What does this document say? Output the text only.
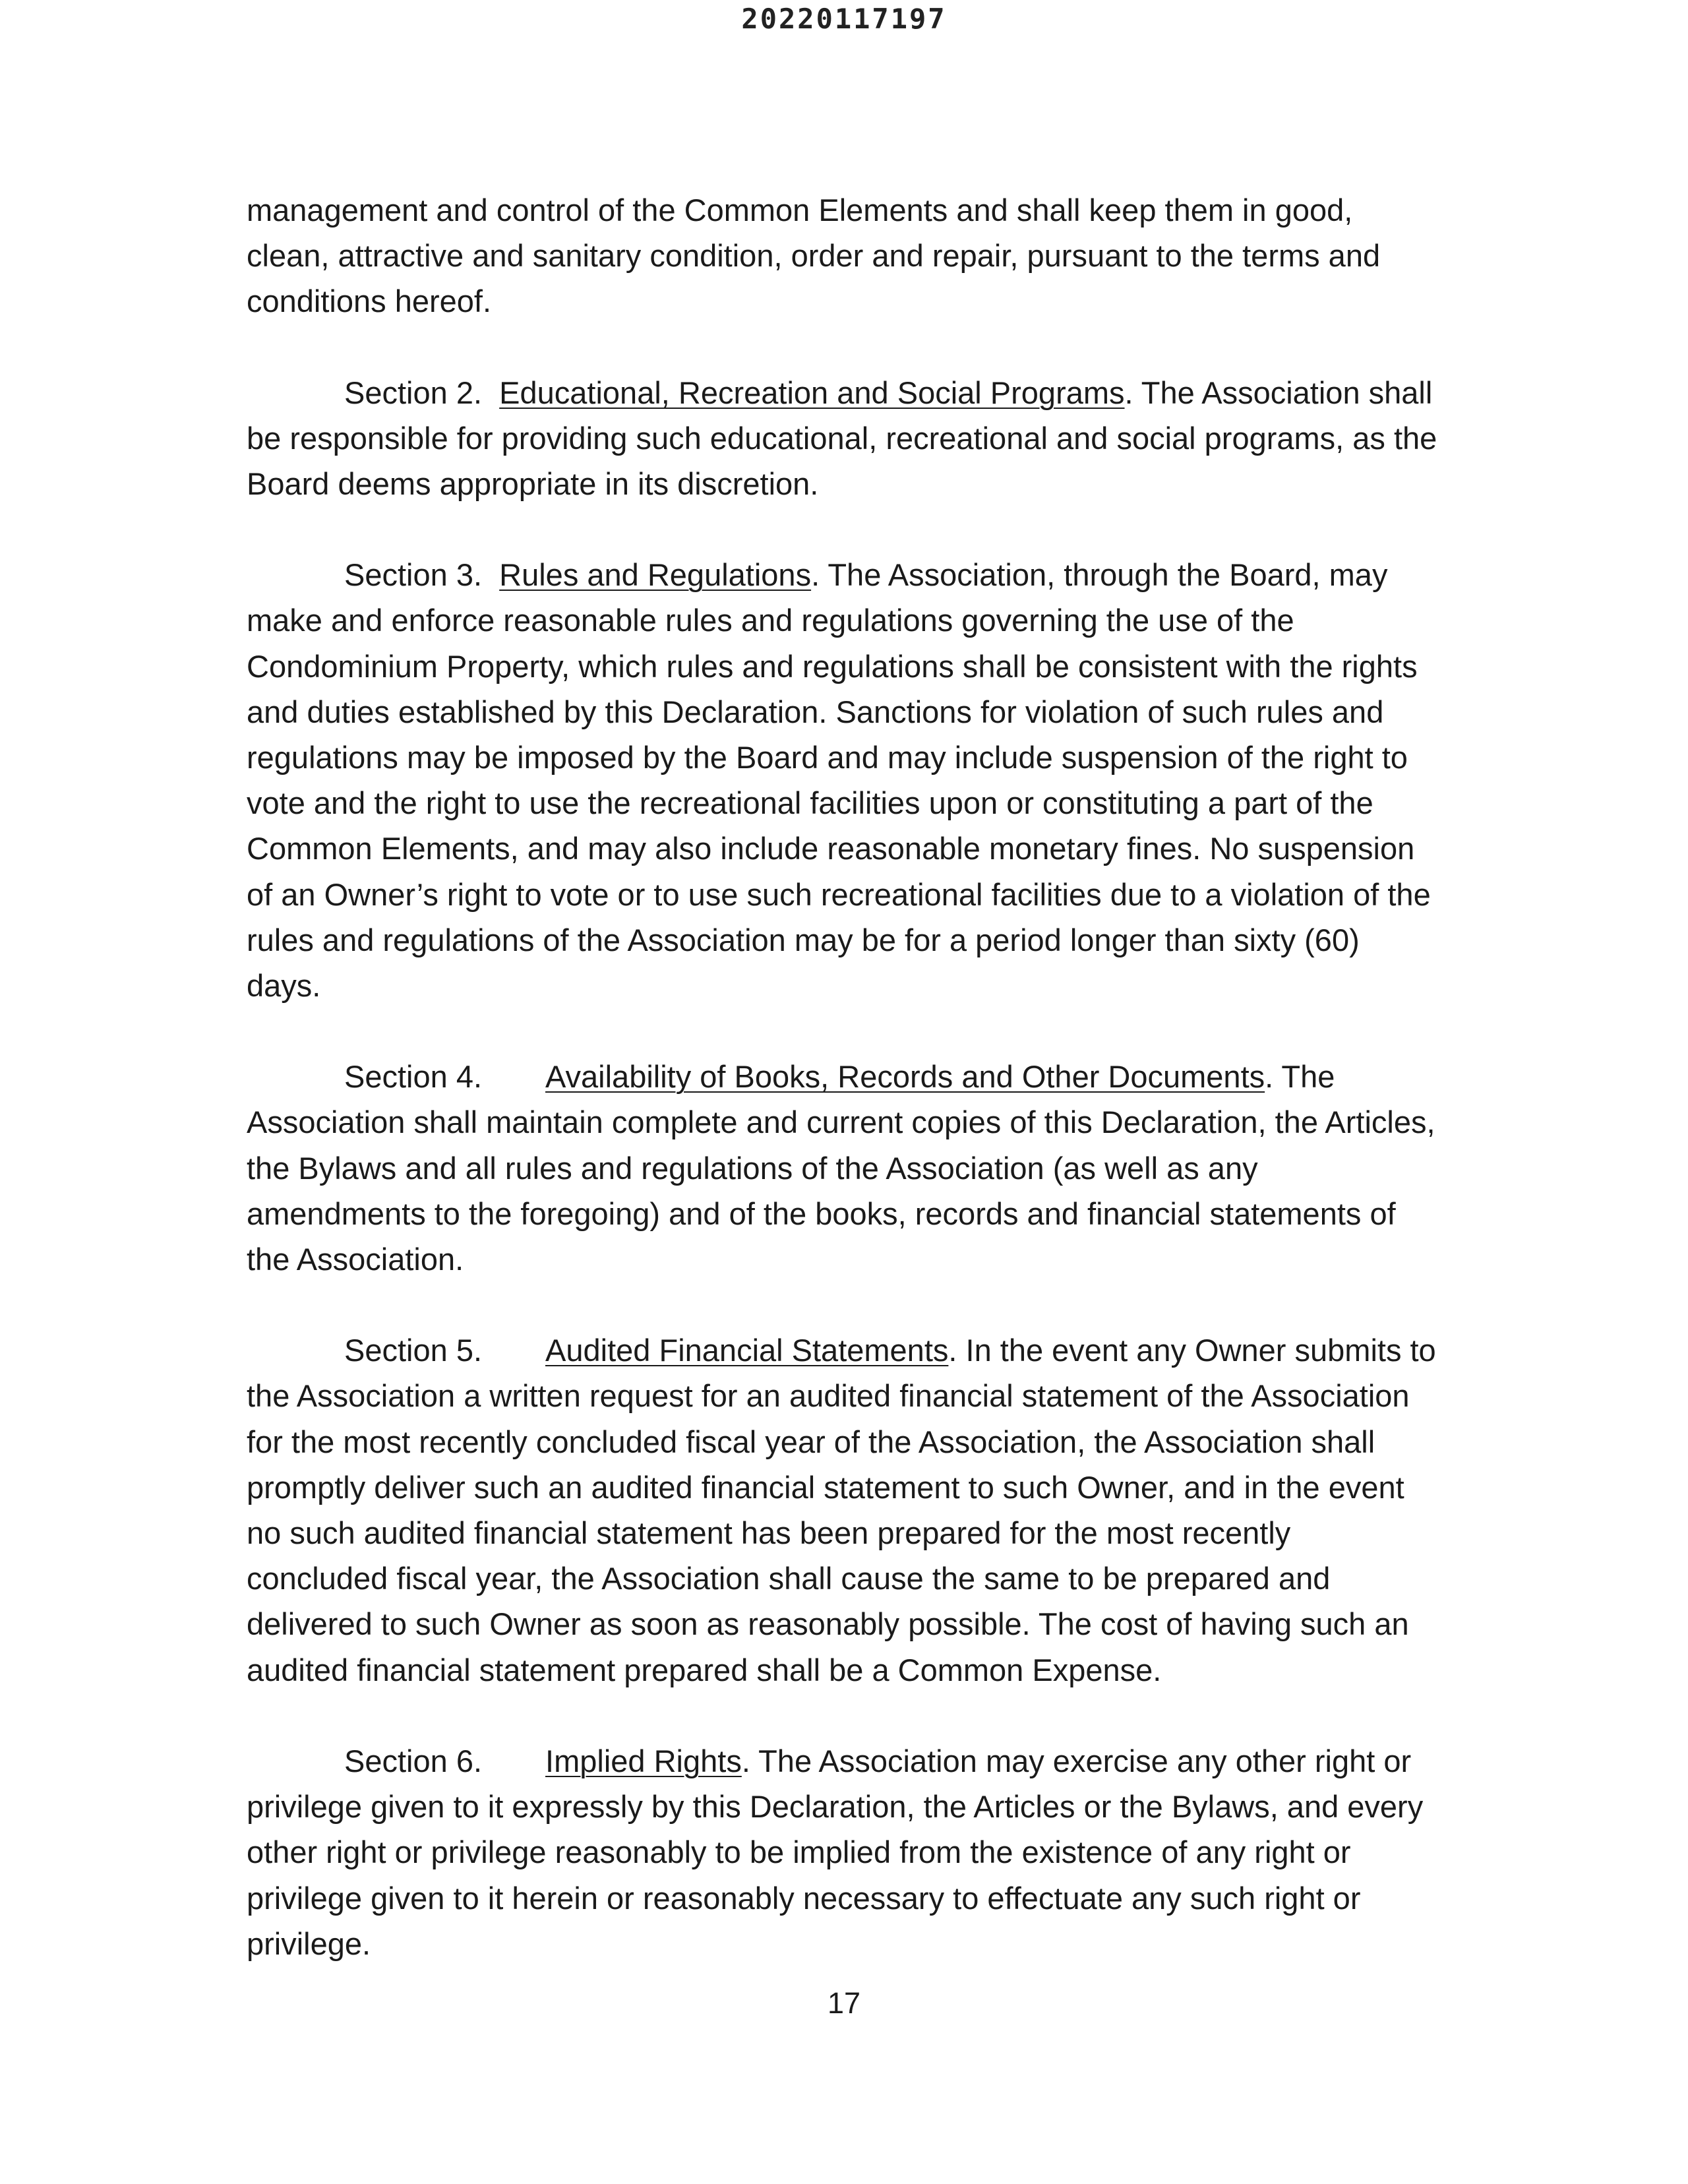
20220117197

management and control of the Common Elements and shall keep them in good, clean, attractive and sanitary condition, order and repair, pursuant to the terms and conditions hereof.

Section 2. Educational, Recreation and Social Programs. The Association shall be responsible for providing such educational, recreational and social programs, as the Board deems appropriate in its discretion.

Section 3. Rules and Regulations. The Association, through the Board, may make and enforce reasonable rules and regulations governing the use of the Condominium Property, which rules and regulations shall be consistent with the rights and duties established by this Declaration. Sanctions for violation of such rules and regulations may be imposed by the Board and may include suspension of the right to vote and the right to use the recreational facilities upon or constituting a part of the Common Elements, and may also include reasonable monetary fines. No suspension of an Owner’s right to vote or to use such recreational facilities due to a violation of the rules and regulations of the Association may be for a period longer than sixty (60) days.

Section 4. Availability of Books, Records and Other Documents. The Association shall maintain complete and current copies of this Declaration, the Articles, the Bylaws and all rules and regulations of the Association (as well as any amendments to the foregoing) and of the books, records and financial statements of the Association.

Section 5. Audited Financial Statements. In the event any Owner submits to the Association a written request for an audited financial statement of the Association for the most recently concluded fiscal year of the Association, the Association shall promptly deliver such an audited financial statement to such Owner, and in the event no such audited financial statement has been prepared for the most recently concluded fiscal year, the Association shall cause the same to be prepared and delivered to such Owner as soon as reasonably possible. The cost of having such an audited financial statement prepared shall be a Common Expense.

Section 6. Implied Rights. The Association may exercise any other right or privilege given to it expressly by this Declaration, the Articles or the Bylaws, and every other right or privilege reasonably to be implied from the existence of any right or privilege given to it herein or reasonably necessary to effectuate any such right or privilege.

17
